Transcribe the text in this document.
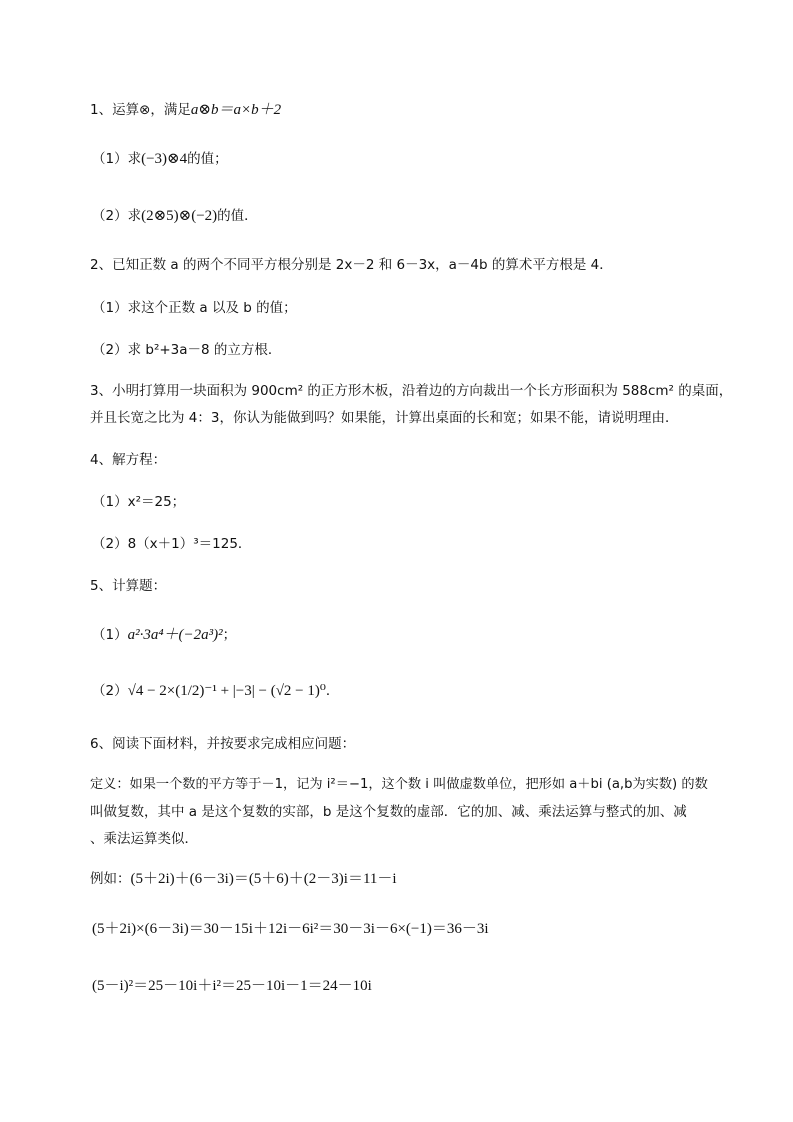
1、运算⊗，满足a⊗b＝a×b＋2
（1）求(−3)⊗4的值；
（2）求(2⊗5)⊗(−2)的值．
2、已知正数 a 的两个不同平方根分别是 2x－2 和 6－3x，a－4b 的算术平方根是 4．
（1）求这个正数 a 以及 b 的值；
（2）求 b²+3a－8 的立方根．
3、小明打算用一块面积为 900cm² 的正方形木板，沿着边的方向裁出一个长方形面积为 588cm² 的桌面，
并且长宽之比为 4：3，你认为能做到吗？如果能，计算出桌面的长和宽；如果不能，请说明理由．
4、解方程：
（1）x²＝25；
（2）8（x＋1）³＝125．
5、计算题：
（1）a²·3a⁴＋(−2a³)²；
（2）√4 − 2×(1/2)⁻¹ + |−3| − (√2 − 1)⁰．
6、阅读下面材料，并按要求完成相应问题：
定义：如果一个数的平方等于－1，记为 i²＝−1，这个数 i 叫做虚数单位，把形如 a＋bi (a,b为实数) 的数
叫做复数，其中 a 是这个复数的实部，b 是这个复数的虚部．它的加、减、乘法运算与整式的加、减
、乘法运算类似．
例如：(5＋2i)＋(6－3i)＝(5＋6)＋(2－3)i＝11－i
(5＋2i)×(6－3i)＝30－15i＋12i－6i²＝30－3i－6×(−1)＝36－3i
(5－i)²＝25－10i＋i²＝25－10i－1＝24－10i
